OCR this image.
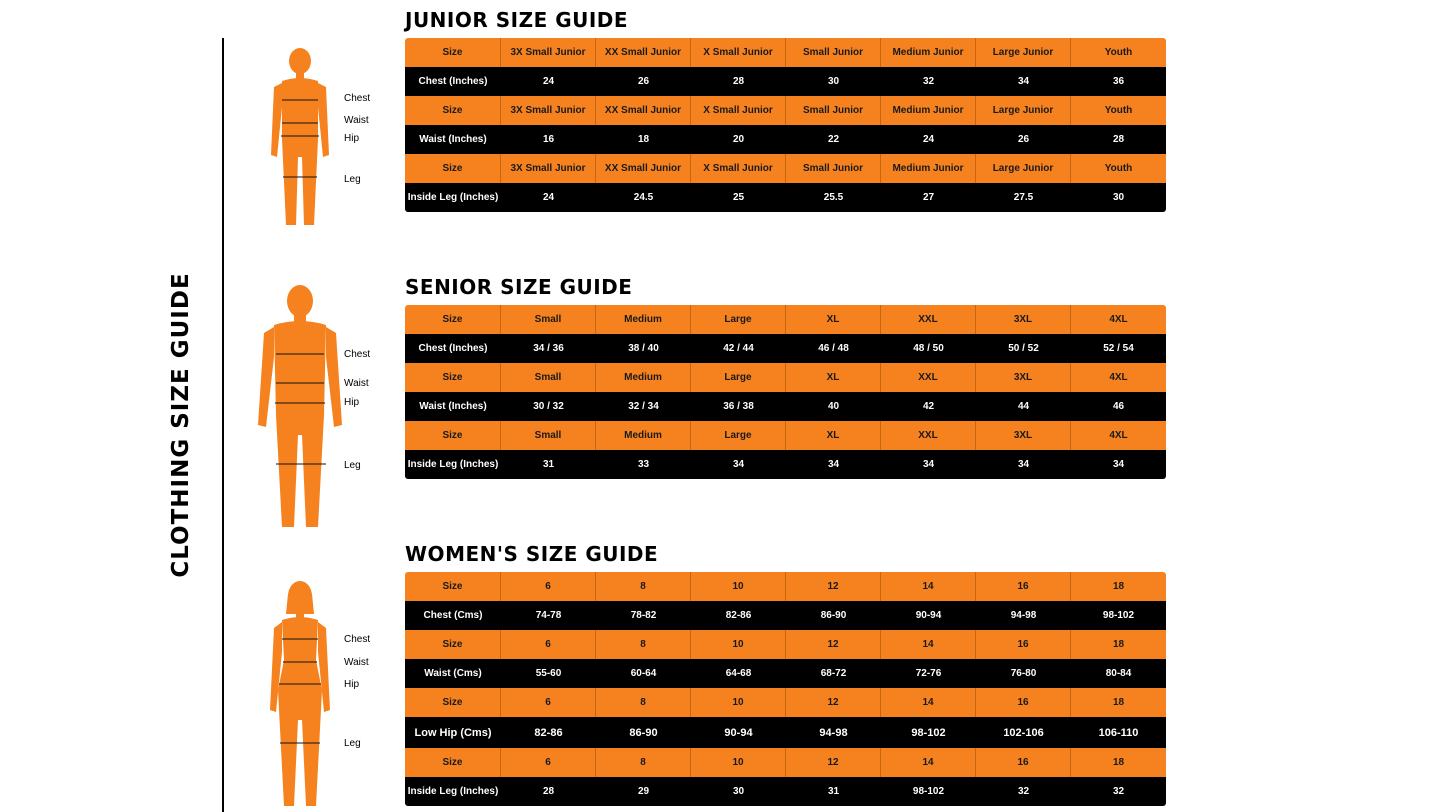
CLOTHING SIZE GUIDE
JUNIOR SIZE GUIDE
Size	3X Small Junior	XX Small Junior	X Small Junior	Small Junior	Medium Junior	Large Junior	Youth
Chest (Inches)	24	26	28	30	32	34	36
Size	3X Small Junior	XX Small Junior	X Small Junior	Small Junior	Medium Junior	Large Junior	Youth
Waist (Inches)	16	18	20	22	24	26	28
Size	3X Small Junior	XX Small Junior	X Small Junior	Small Junior	Medium Junior	Large Junior	Youth
Inside Leg (Inches)	24	24.5	25	25.5	27	27.5	30
Chest
Waist
Hip
Leg
SENIOR SIZE GUIDE
Size	Small	Medium	Large	XL	XXL	3XL	4XL
Chest (Inches)	34 / 36	38 / 40	42 / 44	46 / 48	48 / 50	50 / 52	52 / 54
Size	Small	Medium	Large	XL	XXL	3XL	4XL
Waist (Inches)	30 / 32	32 / 34	36 / 38	40	42	44	46
Size	Small	Medium	Large	XL	XXL	3XL	4XL
Inside Leg (Inches)	31	33	34	34	34	34	34
Chest
Waist
Hip
Leg
WOMEN'S SIZE GUIDE
Size	6	8	10	12	14	16	18
Chest (Cms)	74-78	78-82	82-86	86-90	90-94	94-98	98-102
Size	6	8	10	12	14	16	18
Waist (Cms)	55-60	60-64	64-68	68-72	72-76	76-80	80-84
Size	6	8	10	12	14	16	18
Low Hip (Cms)	82-86	86-90	90-94	94-98	98-102	102-106	106-110
Size	6	8	10	12	14	16	18
Inside Leg (Inches)	28	29	30	31	98-102	32	32
Chest
Waist
Hip
Leg
